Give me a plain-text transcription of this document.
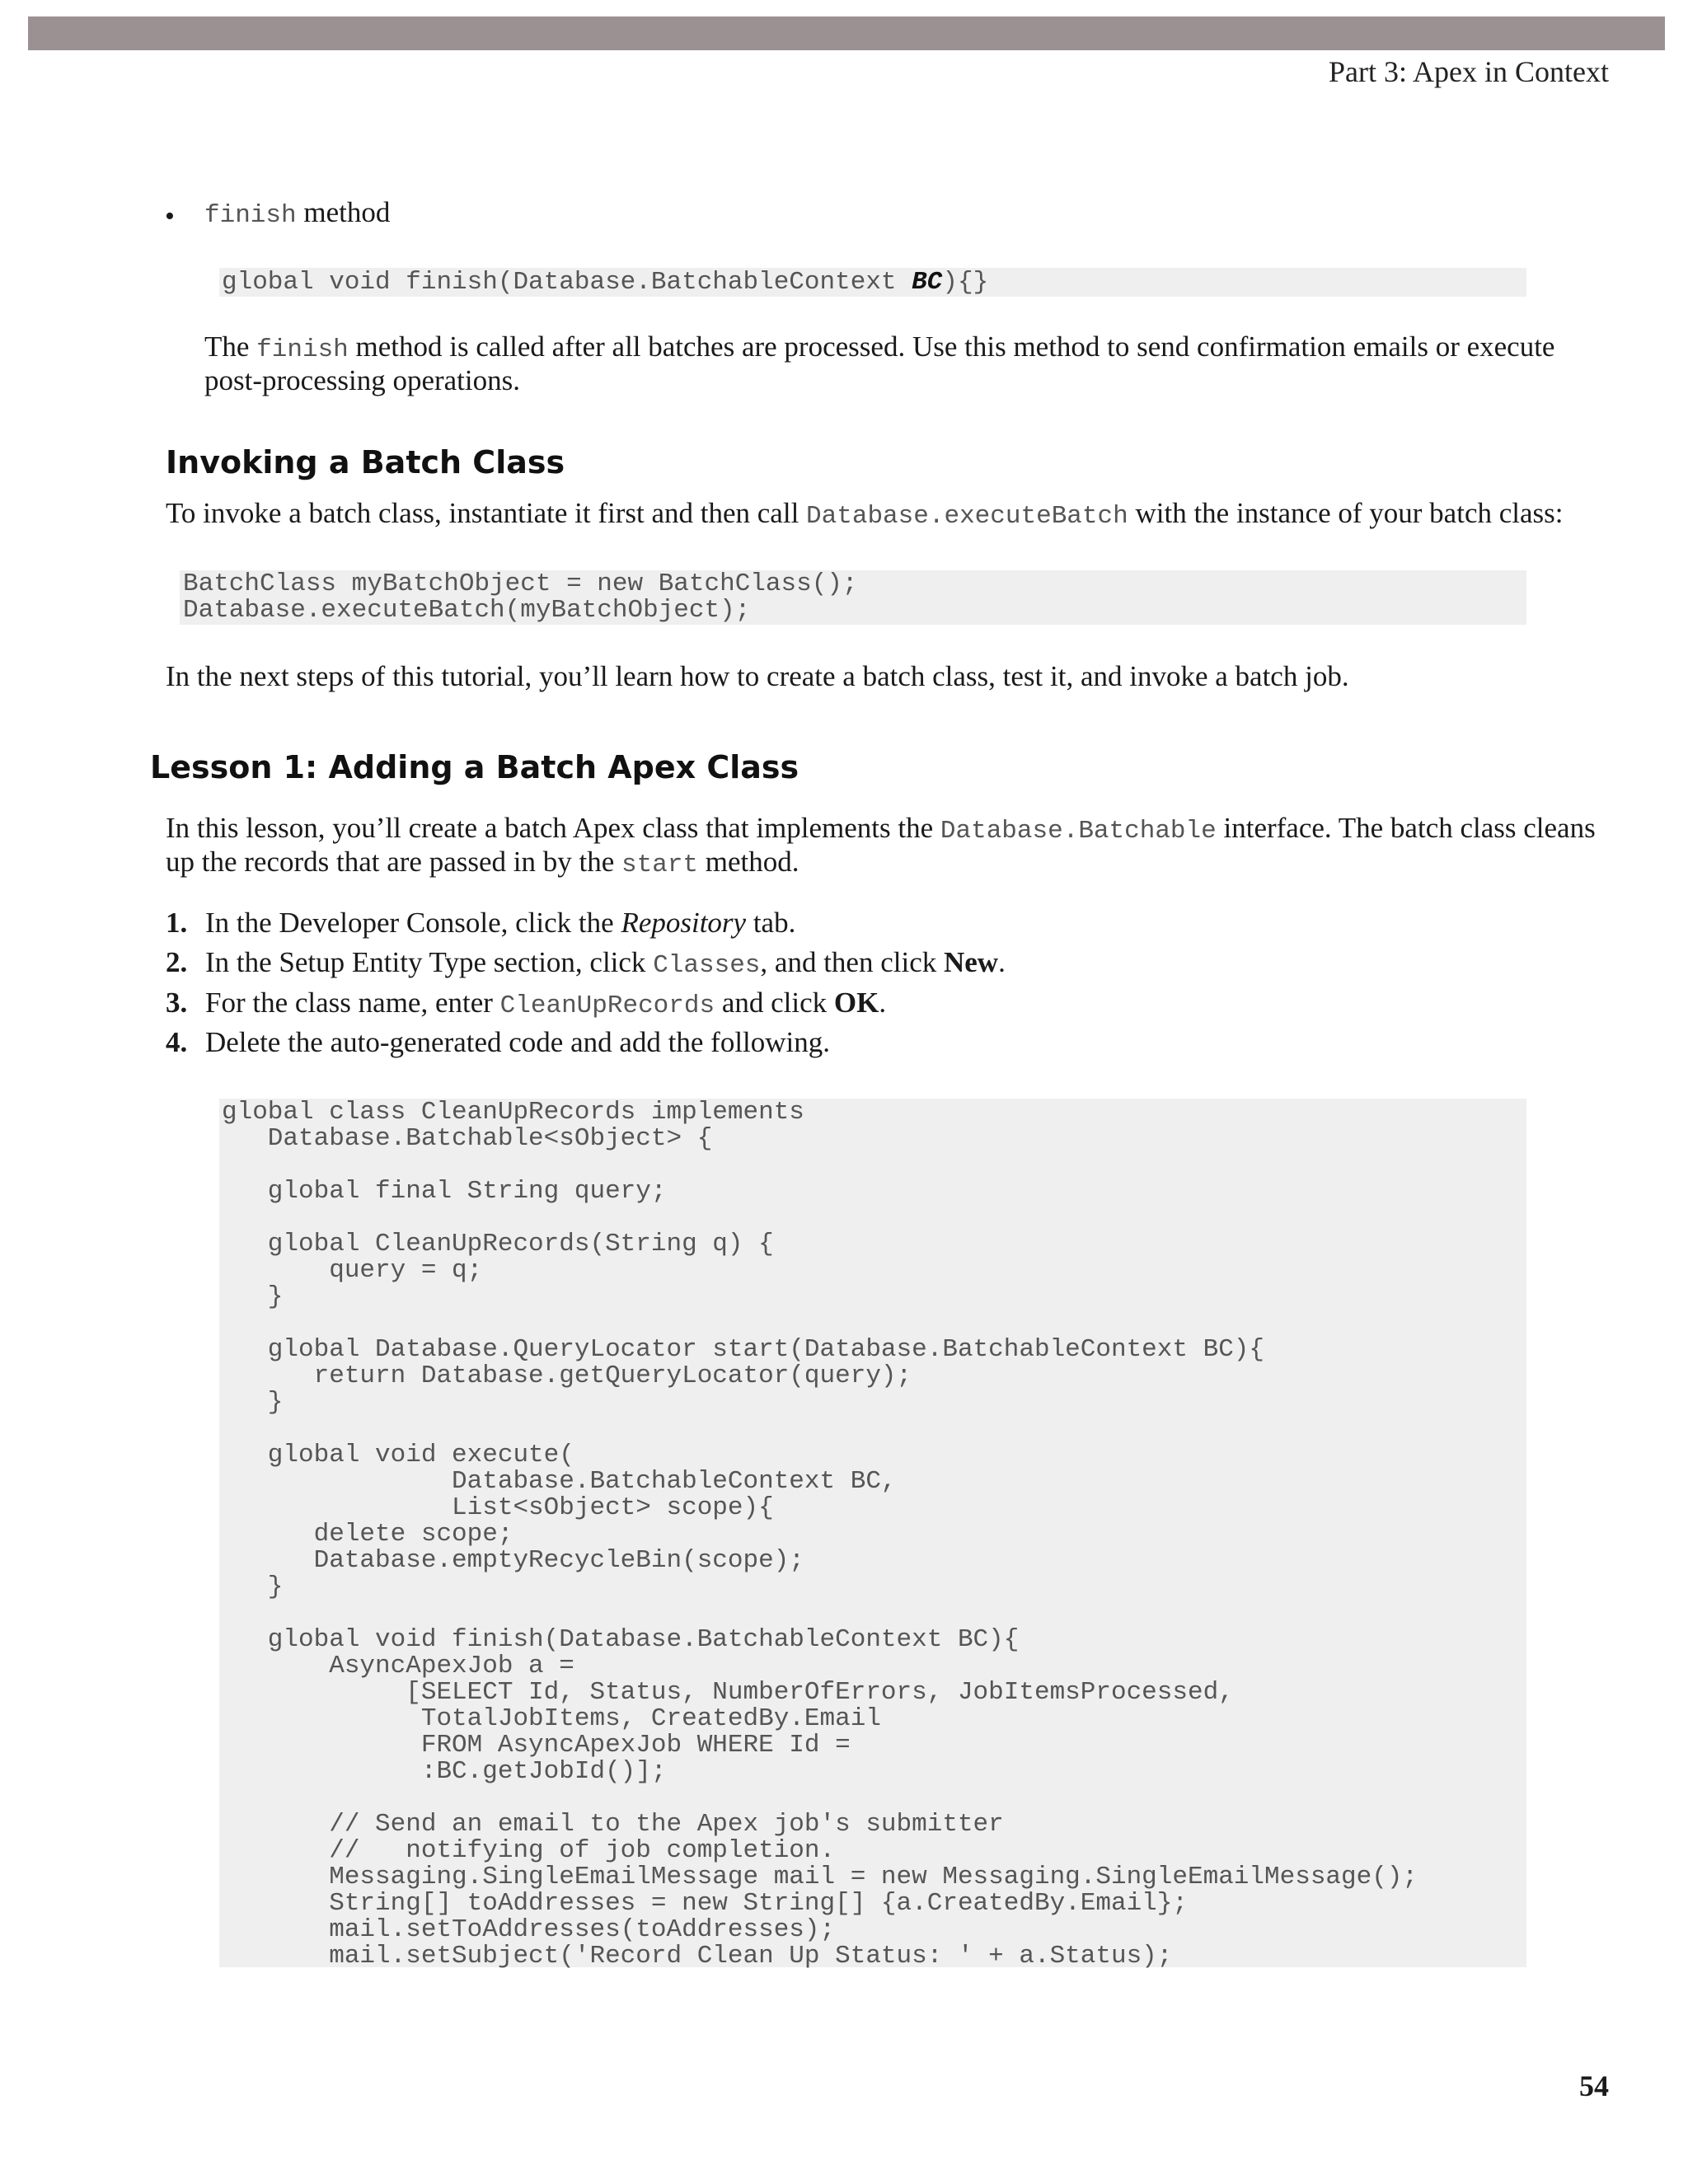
Part 3: Apex in Context
• finish method
global void finish(Database.BatchableContext BC){}
The finish method is called after all batches are processed. Use this method to send confirmation emails or execute
post-processing operations.
Invoking a Batch Class
To invoke a batch class, instantiate it first and then call Database.executeBatch with the instance of your batch class:
BatchClass myBatchObject = new BatchClass();
Database.executeBatch(myBatchObject);
In the next steps of this tutorial, you’ll learn how to create a batch class, test it, and invoke a batch job.
Lesson 1: Adding a Batch Apex Class
In this lesson, you’ll create a batch Apex class that implements the Database.Batchable interface. The batch class cleans
up the records that are passed in by the start method.
1. In the Developer Console, click the Repository tab.
2. In the Setup Entity Type section, click Classes, and then click New.
3. For the class name, enter CleanUpRecords and click OK.
4. Delete the auto-generated code and add the following.
global class CleanUpRecords implements
Database.Batchable<sObject> {

global final String query;

global CleanUpRecords(String q) {
query = q;
}

global Database.QueryLocator start(Database.BatchableContext BC){
return Database.getQueryLocator(query);
}

global void execute(
Database.BatchableContext BC,
List<sObject> scope){
delete scope;
Database.emptyRecycleBin(scope);
}

global void finish(Database.BatchableContext BC){
AsyncApexJob a =
[SELECT Id, Status, NumberOfErrors, JobItemsProcessed,
TotalJobItems, CreatedBy.Email
FROM AsyncApexJob WHERE Id =
:BC.getJobId()];

// Send an email to the Apex job's submitter
//   notifying of job completion.
Messaging.SingleEmailMessage mail = new Messaging.SingleEmailMessage();
String[] toAddresses = new String[] {a.CreatedBy.Email};
mail.setToAddresses(toAddresses);
mail.setSubject('Record Clean Up Status: ' + a.Status);
54
